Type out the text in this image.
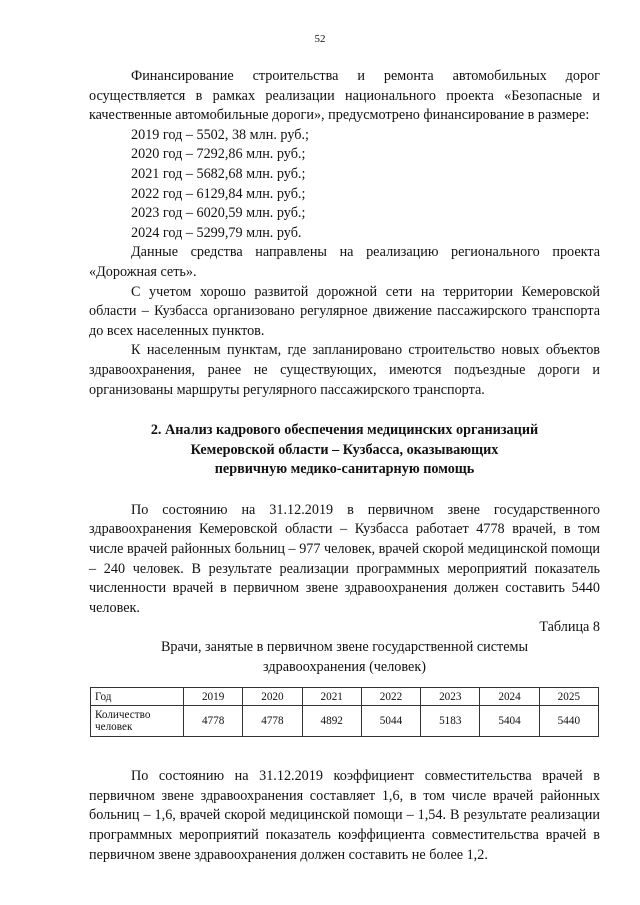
52

Финансирование строительства и ремонта автомобильных дорог осуществляется в рамках реализации национального проекта «Безопасные и качественные автомобильные дороги», предусмотрено финансирование в размере:

2019 год – 5502, 38 млн. руб.;
2020 год – 7292,86 млн. руб.;
2021 год – 5682,68 млн. руб.;
2022 год – 6129,84 млн. руб.;
2023 год – 6020,59 млн. руб.;
2024 год – 5299,79 млн. руб.

Данные средства направлены на реализацию регионального проекта «Дорожная сеть».

С учетом хорошо развитой дорожной сети на территории Кемеровской области – Кузбасса организовано регулярное движение пассажирского транспорта до всех населенных пунктов.

К населенным пунктам, где запланировано строительство новых объектов здравоохранения, ранее не существующих, имеются подъездные дороги и организованы маршруты регулярного пассажирского транспорта.

2. Анализ кадрового обеспечения медицинских организаций
Кемеровской области – Кузбасса, оказывающих
первичную медико-санитарную помощь

По состоянию на 31.12.2019 в первичном звене государственного здравоохранения Кемеровской области – Кузбасса работает 4778 врачей, в том числе врачей районных больниц – 977 человек, врачей скорой медицинской помощи – 240 человек. В результате реализации программных мероприятий показатель численности врачей в первичном звене здравоохранения должен составить 5440 человек.

Таблица 8

Врачи, занятые в первичном звене государственной системы
здравоохранения (человек)

Год	2019	2020	2021	2022	2023	2024	2025
Количество человек	4778	4778	4892	5044	5183	5404	5440

По состоянию на 31.12.2019 коэффициент совместительства врачей в первичном звене здравоохранения составляет 1,6, в том числе врачей районных больниц – 1,6, врачей скорой медицинской помощи – 1,54. В результате реализации программных мероприятий показатель коэффициента совместительства врачей в первичном звене здравоохранения должен составить не более 1,2.
